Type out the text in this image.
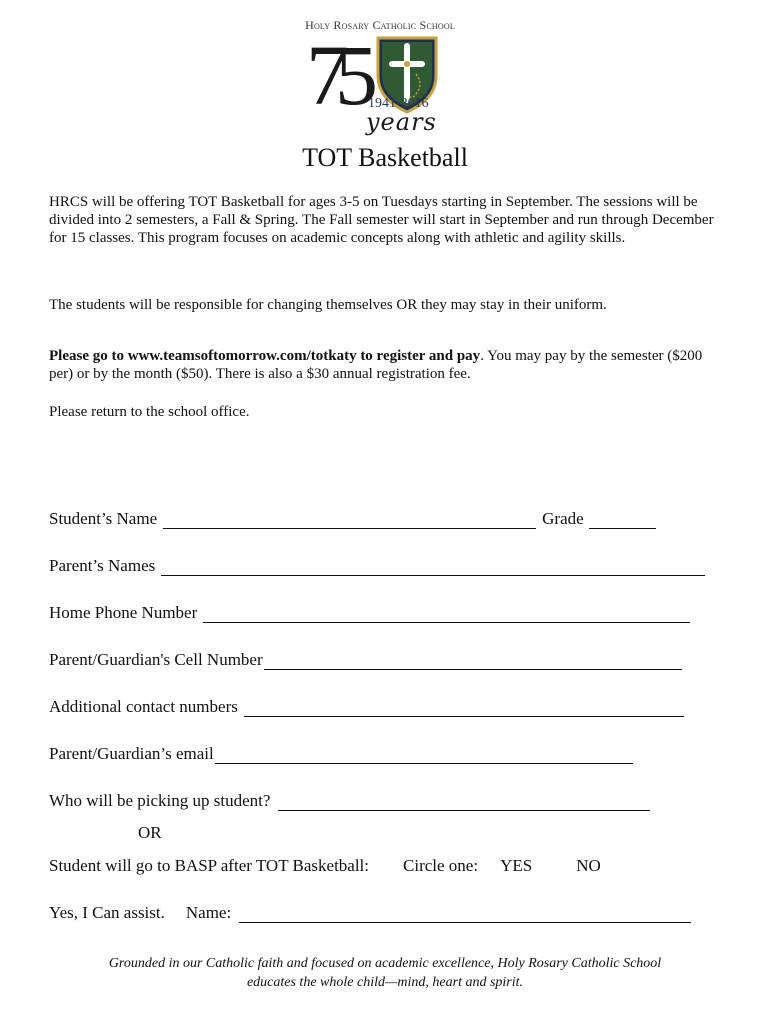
Holy Rosary Catholic School
75 1941-2016
years
TOT Basketball
HRCS will be offering TOT Basketball for ages 3-5 on Tuesdays starting in September. The sessions will be divided into 2 semesters, a Fall & Spring. The Fall semester will start in September and run through December for 15 classes. This program focuses on academic concepts along with athletic and agility skills.
The students will be responsible for changing themselves OR they may stay in their uniform.
Please go to www.teamsoftomorrow.com/totkaty to register and pay. You may pay by the semester ($200 per) or by the month ($50). There is also a $30 annual registration fee.
Please return to the school office.
Student’s Name	Grade
Parent’s Names
Home Phone Number
Parent/Guardian's Cell Number
Additional contact numbers
Parent/Guardian’s email
Who will be picking up student?
OR
Student will go to BASP after TOT Basketball: Circle one: YES	NO
Yes, I Can assist. Name:
Grounded in our Catholic faith and focused on academic excellence, Holy Rosary Catholic School
educates the whole child—mind, heart and spirit.
